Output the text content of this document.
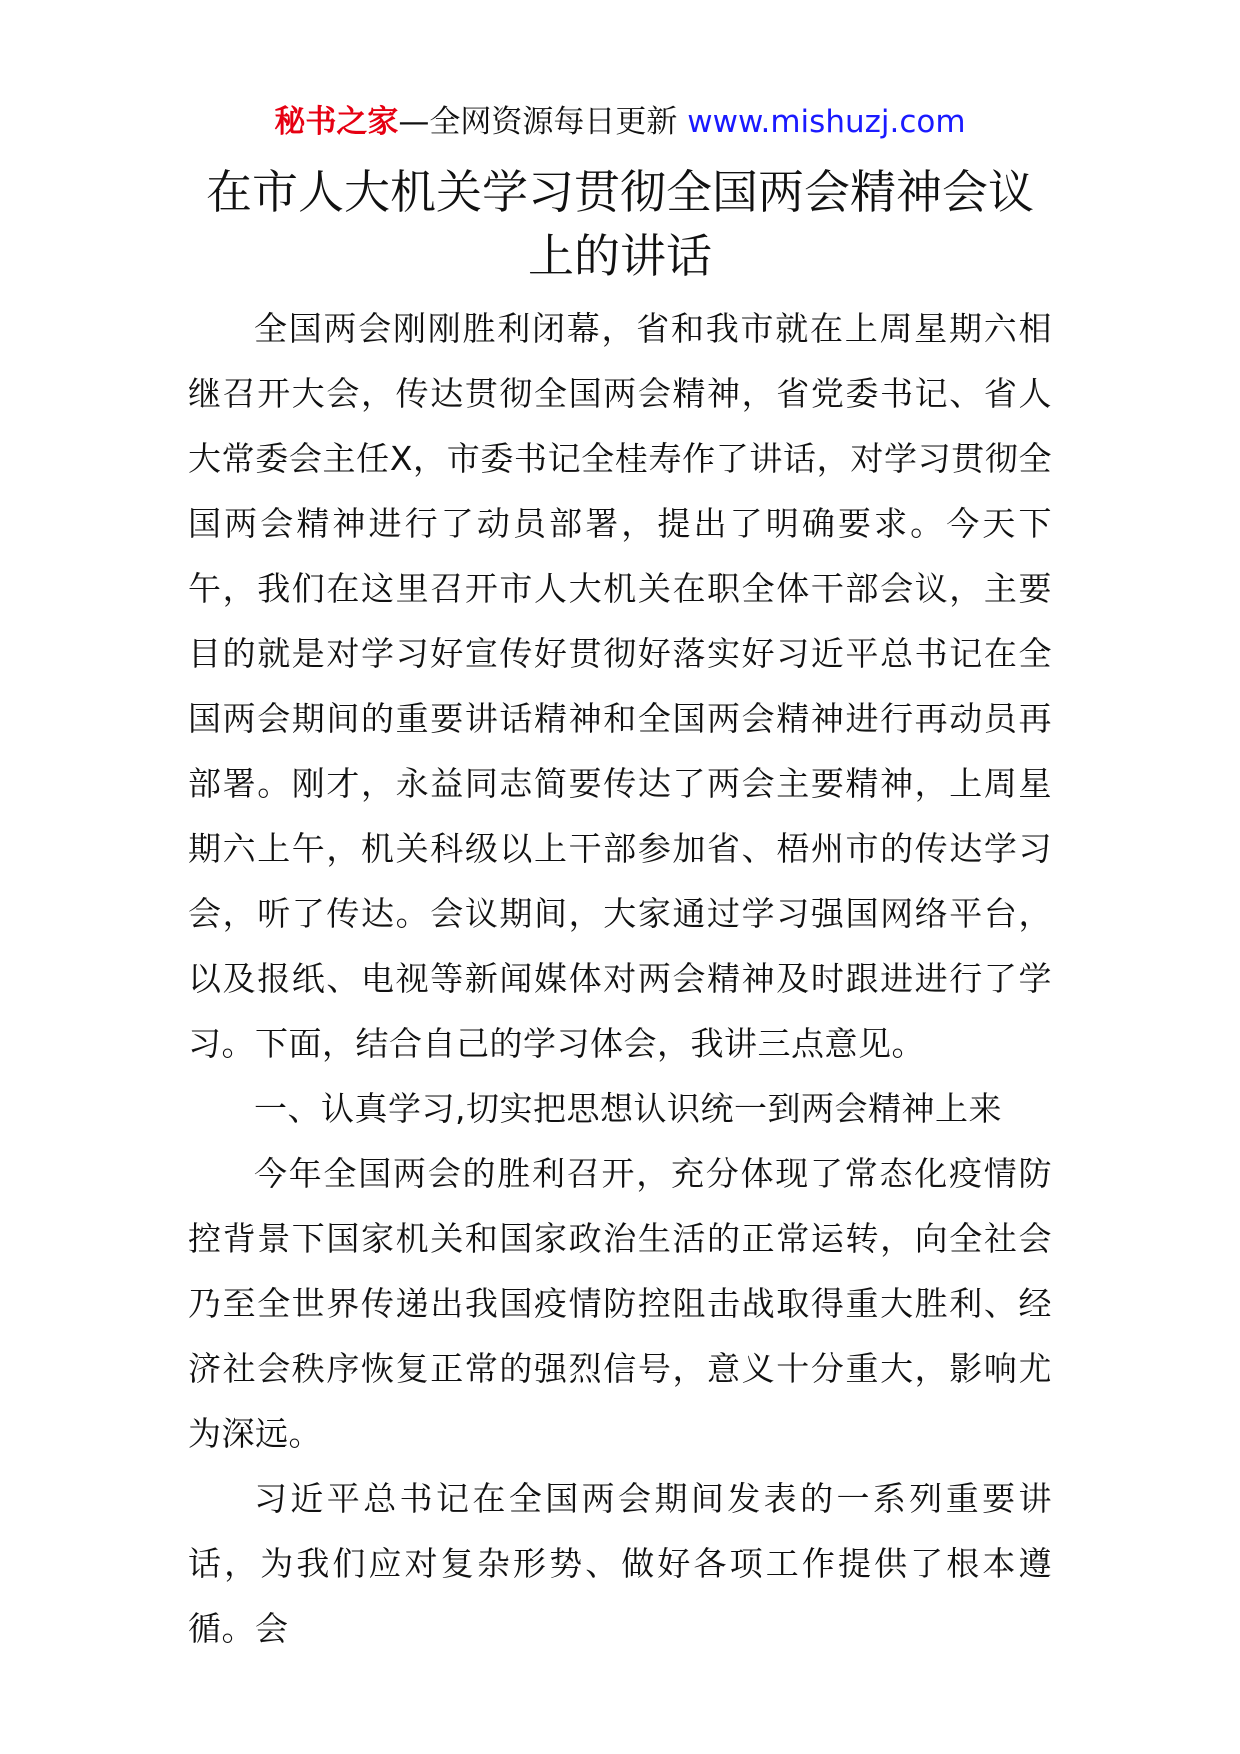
秘书之家—全网资源每日更新 www.mishuzj.com
在市人大机关学习贯彻全国两会精神会议
上的讲话

全国两会刚刚胜利闭幕，省和我市就在上周星期六相继召开大会，传达贯彻全国两会精神，省党委书记、省人大常委会主任X，市委书记全桂寿作了讲话，对学习贯彻全国两会精神进行了动员部署，提出了明确要求。今天下午，我们在这里召开市人大机关在职全体干部会议，主要目的就是对学习好宣传好贯彻好落实好习近平总书记在全国两会期间的重要讲话精神和全国两会精神进行再动员再部署。刚才，永益同志简要传达了两会主要精神，上周星期六上午，机关科级以上干部参加省、梧州市的传达学习会，听了传达。会议期间，大家通过学习强国网络平台，以及报纸、电视等新闻媒体对两会精神及时跟进进行了学习。下面，结合自己的学习体会，我讲三点意见。

一、认真学习,切实把思想认识统一到两会精神上来

今年全国两会的胜利召开，充分体现了常态化疫情防控背景下国家机关和国家政治生活的正常运转，向全社会乃至全世界传递出我国疫情防控阻击战取得重大胜利、经济社会秩序恢复正常的强烈信号，意义十分重大，影响尤为深远。

习近平总书记在全国两会期间发表的一系列重要讲话，为我们应对复杂形势、做好各项工作提供了根本遵循。会
